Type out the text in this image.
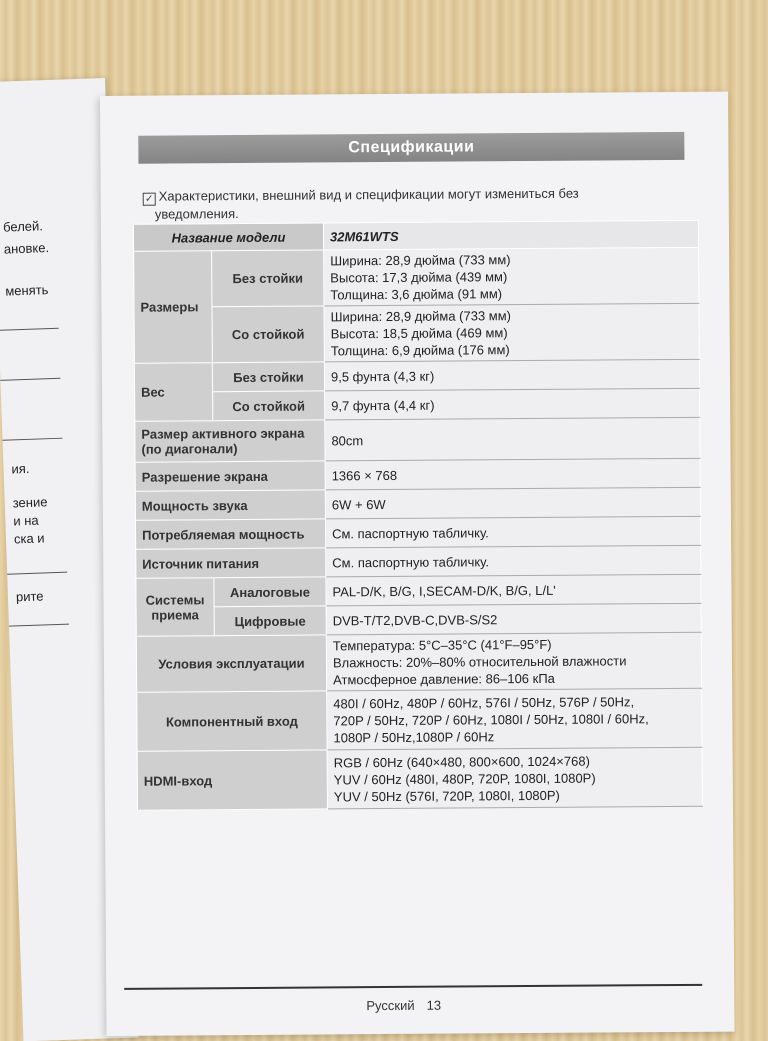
белей.
ановке.
менять
ия.
зение
и на
ска и
рите
Спецификации
✓ Характеристики, внешний вид и спецификации могут измениться без
уведомления.
Название модели		32M61WTS
Размеры	Без стойки	Ширина: 28,9 дюйма (733 мм)
Высота: 17,3 дюйма (439 мм)
Толщина: 3,6 дюйма (91 мм)

	Со стойкой	Ширина: 28,9 дюйма (733 мм)
Высота: 18,5 дюйма (469 мм)
Толщина: 6,9 дюйма (176 мм)

Вес	Без стойки	9,5 фунта (4,3 кг)
	Со стойкой	9,7 фунта (4,4 кг)

Размер активного экрана
(по диагонали)		80cm
Разрешение экрана		1366 × 768
Мощность звука		6W + 6W
Потребляемая мощность		См. паспортную табличку.
Источник питания		См. паспортную табличку.

Системы
приема	Аналоговые	PAL-D/K, B/G, I,SECAM-D/K, B/G, L/L'
	Цифровые	DVB-T/T2,DVB-C,DVB-S/S2
Условия эксплуатации		Температура: 5°C–35°C (41°F–95°F)
Влажность: 20%–80% относительной влажности
Атмосферное давление: 86–106 кПа

Компонентный вход		480I / 60Hz, 480P / 60Hz, 576I / 50Hz, 576P / 50Hz,
720P / 50Hz, 720P / 60Hz, 1080I / 50Hz, 1080I / 60Hz,
1080P / 50Hz,1080P / 60Hz

HDMI-вход		RGB / 60Hz (640×480, 800×600, 1024×768)
YUV / 60Hz (480I, 480P, 720P, 1080I, 1080P)
YUV / 50Hz (576I, 720P, 1080I, 1080P)
Русский 13
